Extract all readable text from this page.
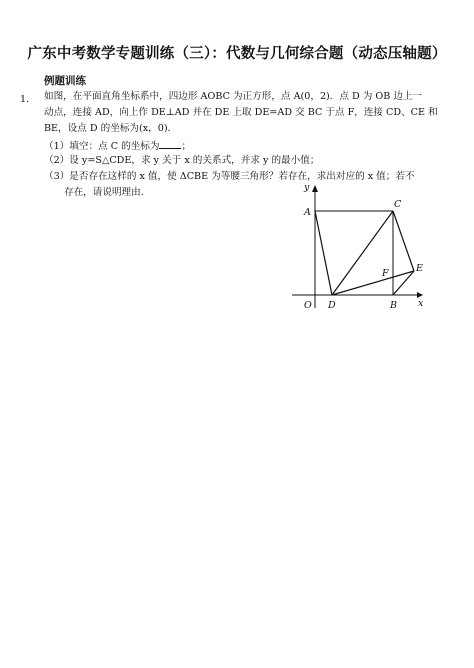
广东中考数学专题训练（三）：代数与几何综合题（动态压轴题）
例题训练
1． 如图，在平面直角坐标系中，四边形 AOBC 为正方形，点 A(0，2)．点 D 为 OB 边上一
动点，连接 AD，向上作 DE⊥AD 并在 DE 上取 DE=AD 交 BC 于点 F，连接 CD、CE 和
BE，设点 D 的坐标为(x，0)．
（1）填空：点 C 的坐标为 ；
（2）设 y=S△CDE，求 y 关于 x 的关系式，并求 y 的最小值；
（3）是否存在这样的 x 值，使 ΔCBE 为等腰三角形？若存在，求出对应的 x 值；若不
存在，请说明理由．	y
x
O
A
C
D	B
E
F
